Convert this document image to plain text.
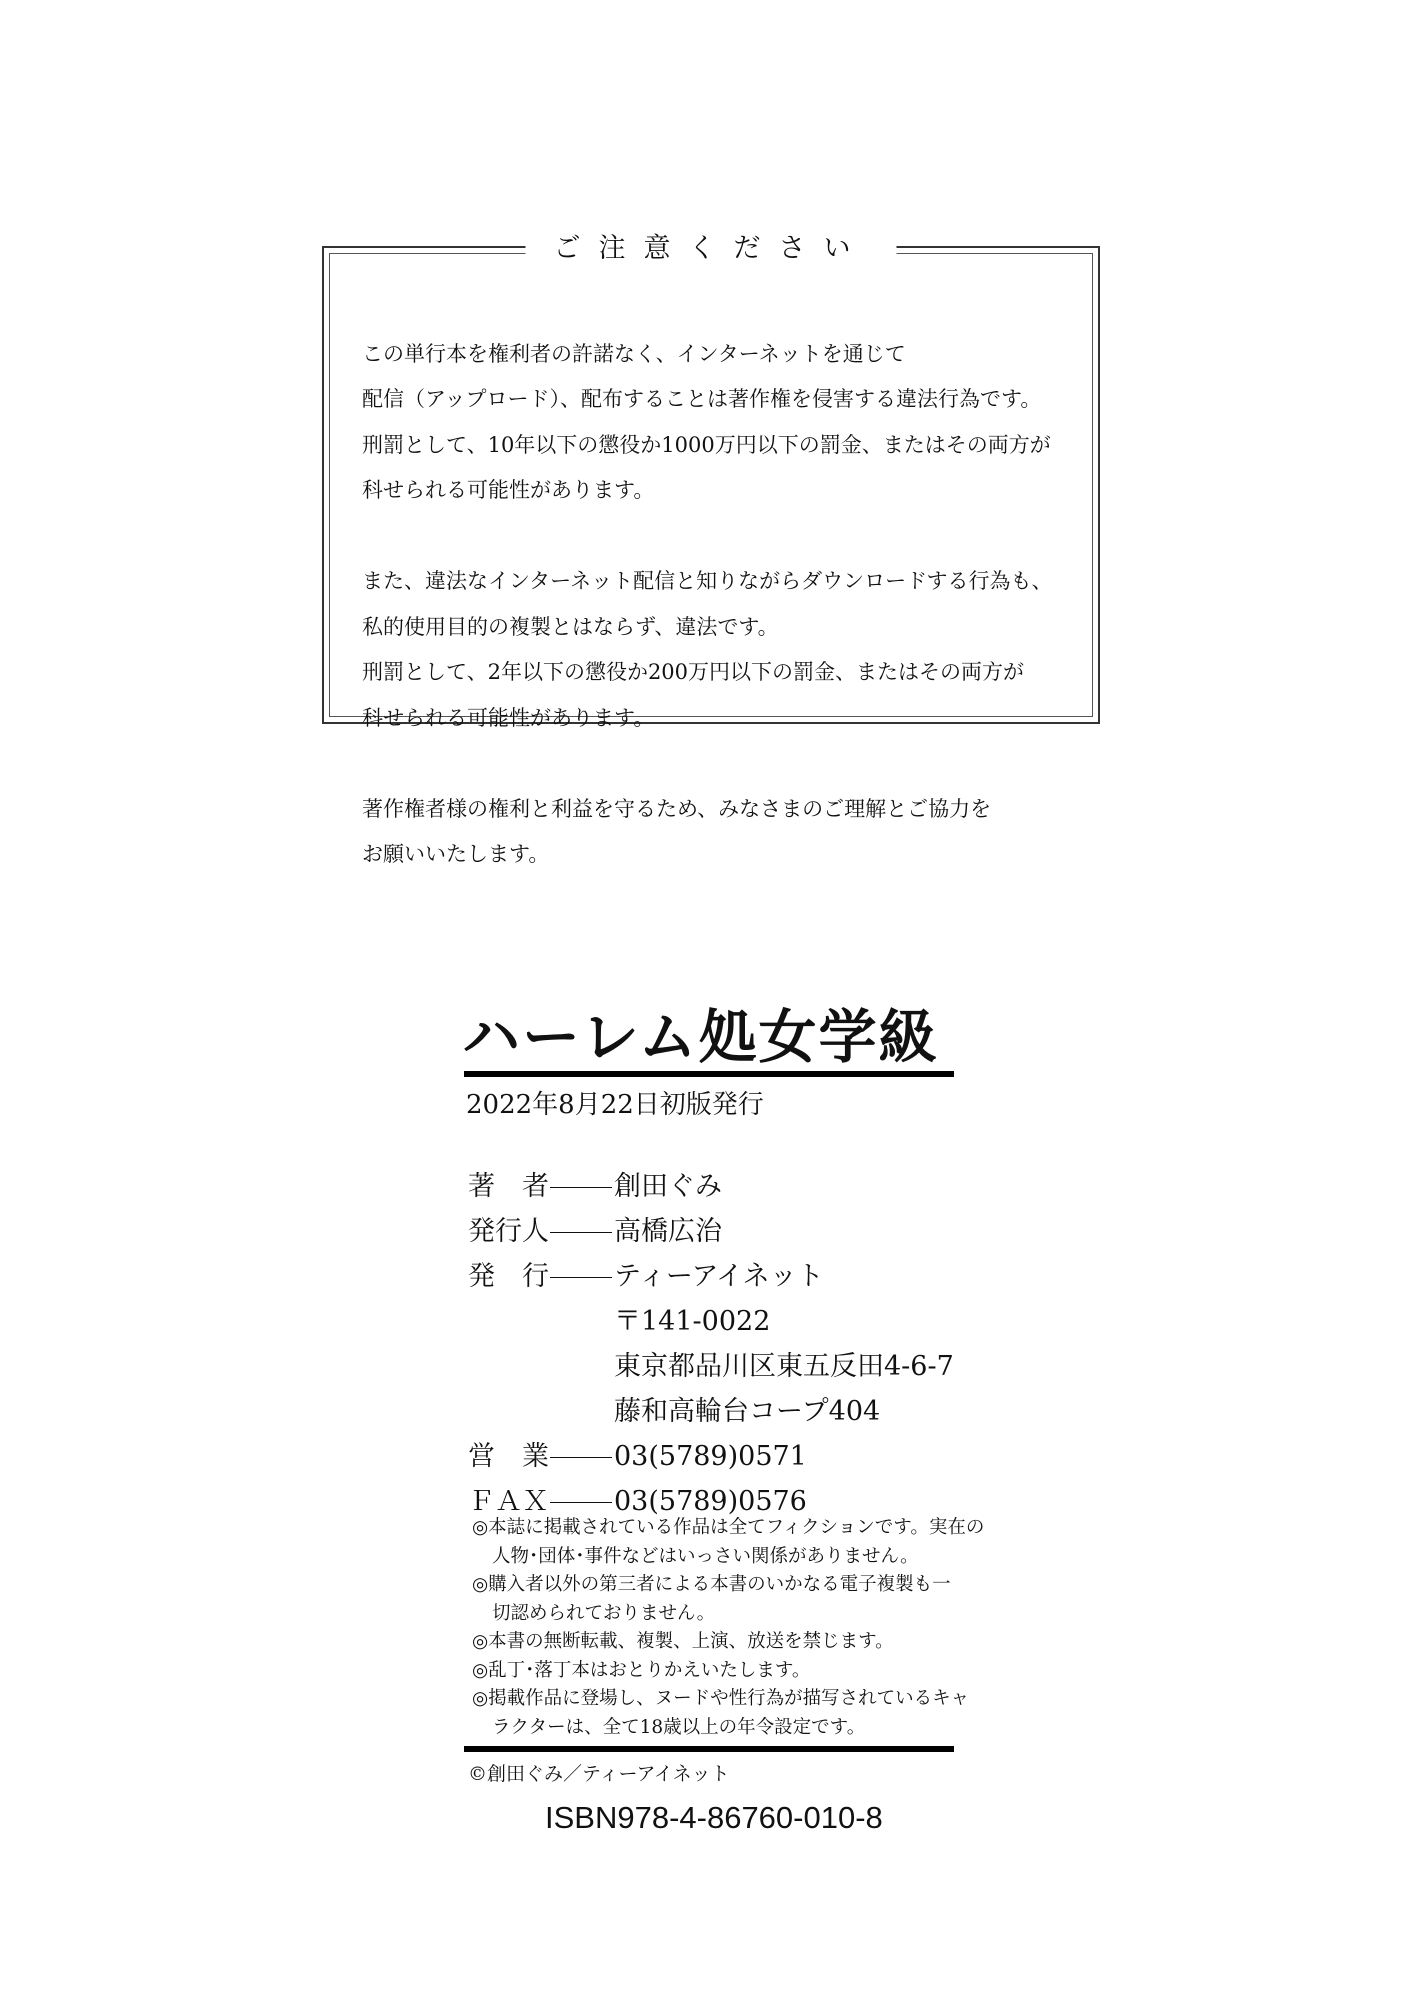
ご注意ください

この単行本を権利者の許諾なく、インターネットを通じて
配信（アップロード）、配布することは著作権を侵害する違法行為です。
刑罰として、10年以下の懲役か1000万円以下の罰金、またはその両方が
科せられる可能性があります。

また、違法なインターネット配信と知りながらダウンロードする行為も、
私的使用目的の複製とはならず、違法です。
刑罰として、2年以下の懲役か200万円以下の罰金、またはその両方が
科せられる可能性があります。

著作権者様の権利と利益を守るため、みなさまのご理解とご協力を
お願いいたします。

ハーレム処女学級
2022年8月22日初版発行
著　者 創田ぐみ
発行人 高橋広治
発　行 ティーアイネット
〒141-0022
東京都品川区東五反田4-6-7
藤和高輪台コープ404
営　業 03(5789)0571
ＦＡＸ 03(5789)0576
◎本誌に掲載されている作品は全てフィクションです。実在の
人物･団体･事件などはいっさい関係がありません。
◎購入者以外の第三者による本書のいかなる電子複製も一
切認められておりません。
◎本書の無断転載、複製、上演、放送を禁じます。
◎乱丁･落丁本はおとりかえいたします。
◎掲載作品に登場し、ヌードや性行為が描写されているキャ
ラクターは、全て18歳以上の年令設定です。
©創田ぐみ／ティーアイネット
ISBN978-4-86760-010-8
